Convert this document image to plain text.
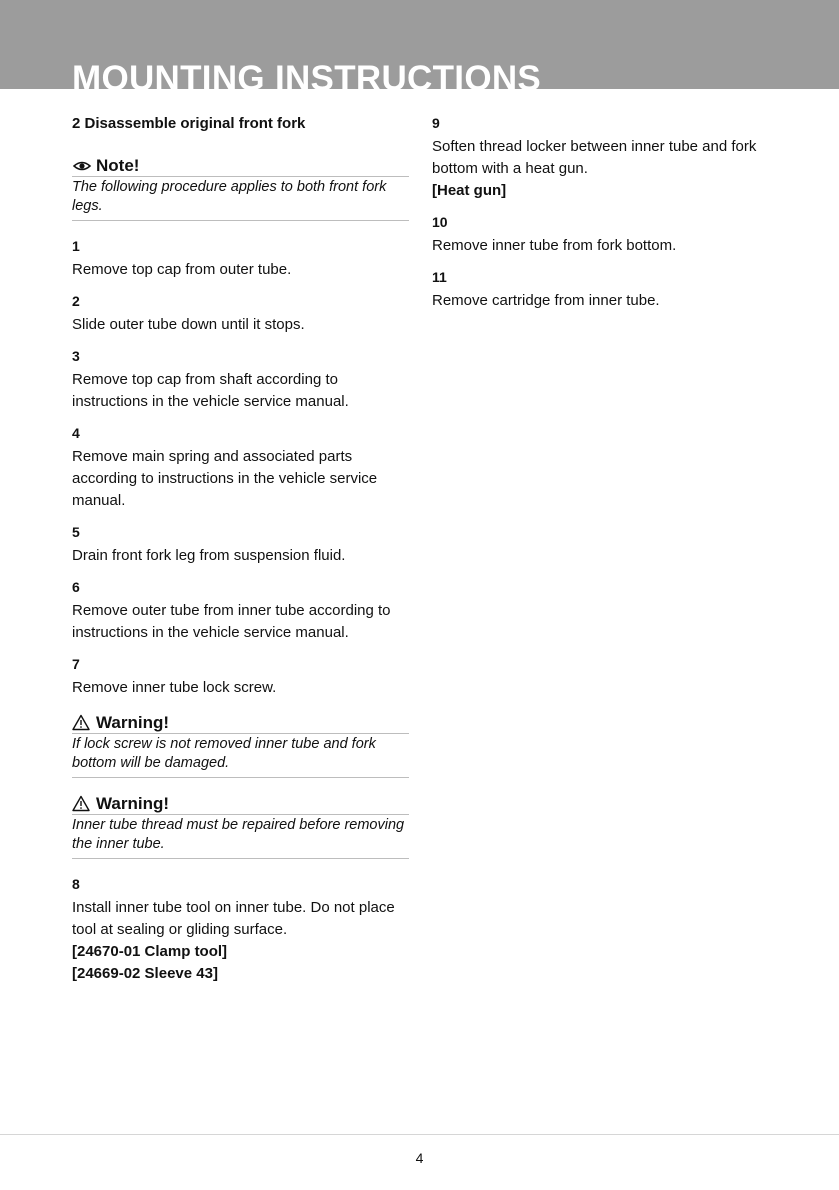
MOUNTING INSTRUCTIONS
2 Disassemble original front fork
Note!
The following procedure applies to both front fork legs.
1
Remove top cap from outer tube.
2
Slide outer tube down until it stops.
3
Remove top cap from shaft according to instructions in the vehicle service manual.
4
Remove main spring and associated parts according to instructions in the vehicle service manual.
5
Drain front fork leg from suspension fluid.
6
Remove outer tube from inner tube according to instructions in the vehicle service manual.
7
Remove inner tube lock screw.
Warning!
If lock screw is not removed inner tube and fork bottom will be damaged.
Warning!
Inner tube thread must be repaired before removing the inner tube.
8
Install inner tube tool on inner tube. Do not place tool at sealing or gliding surface.
[24670-01 Clamp tool]
[24669-02 Sleeve 43]
9
Soften thread locker between inner tube and fork bottom with a heat gun.
[Heat gun]
10
Remove inner tube from fork bottom.
11
Remove cartridge from inner tube.
4
